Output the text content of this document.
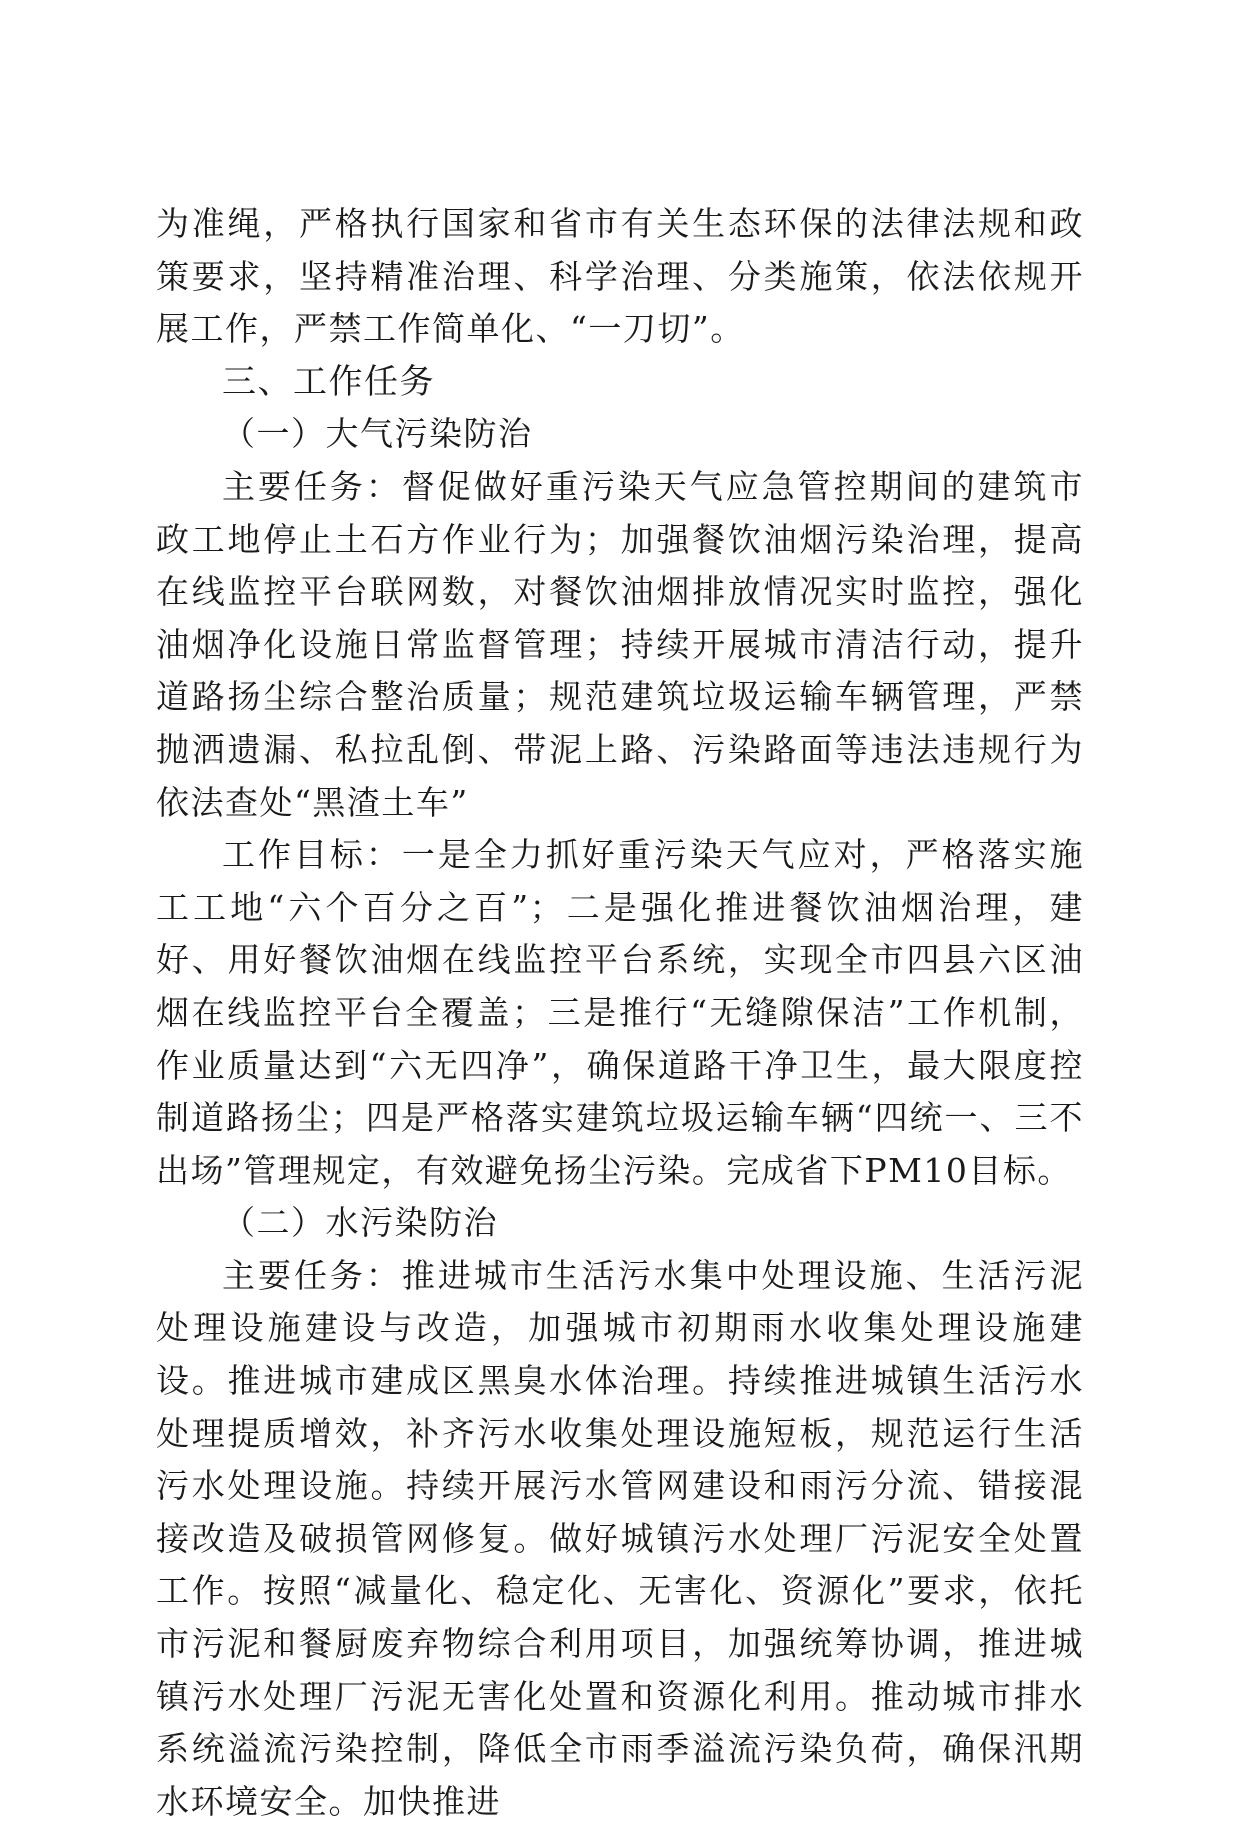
为准绳，严格执行国家和省市有关生态环保的法律法规和政策要求，坚持精准治理、科学治理、分类施策，依法依规开展工作，严禁工作简单化、“一刀切”。

三、工作任务

（一）大气污染防治

主要任务：督促做好重污染天气应急管控期间的建筑市政工地停止土石方作业行为；加强餐饮油烟污染治理，提高在线监控平台联网数，对餐饮油烟排放情况实时监控，强化油烟净化设施日常监督管理；持续开展城市清洁行动，提升道路扬尘综合整治质量；规范建筑垃圾运输车辆管理，严禁抛洒遗漏、私拉乱倒、带泥上路、污染路面等违法违规行为依法查处“黑渣土车”

工作目标：一是全力抓好重污染天气应对，严格落实施工工地“六个百分之百”；二是强化推进餐饮油烟治理，建好、用好餐饮油烟在线监控平台系统，实现全市四县六区油烟在线监控平台全覆盖；三是推行“无缝隙保洁”工作机制，作业质量达到“六无四净”，确保道路干净卫生，最大限度控制道路扬尘；四是严格落实建筑垃圾运输车辆“四统一、三不出场”管理规定，有效避免扬尘污染。完成省下PM10目标。

（二）水污染防治

主要任务：推进城市生活污水集中处理设施、生活污泥处理设施建设与改造，加强城市初期雨水收集处理设施建设。推进城市建成区黑臭水体治理。持续推进城镇生活污水处理提质增效，补齐污水收集处理设施短板，规范运行生活污水处理设施。持续开展污水管网建设和雨污分流、错接混接改造及破损管网修复。做好城镇污水处理厂污泥安全处置工作。按照“减量化、稳定化、无害化、资源化”要求，依托市污泥和餐厨废弃物综合利用项目，加强统筹协调，推进城镇污水处理厂污泥无害化处置和资源化利用。推动城市排水系统溢流污染控制，降低全市雨季溢流污染负荷，确保汛期水环境安全。加快推进
